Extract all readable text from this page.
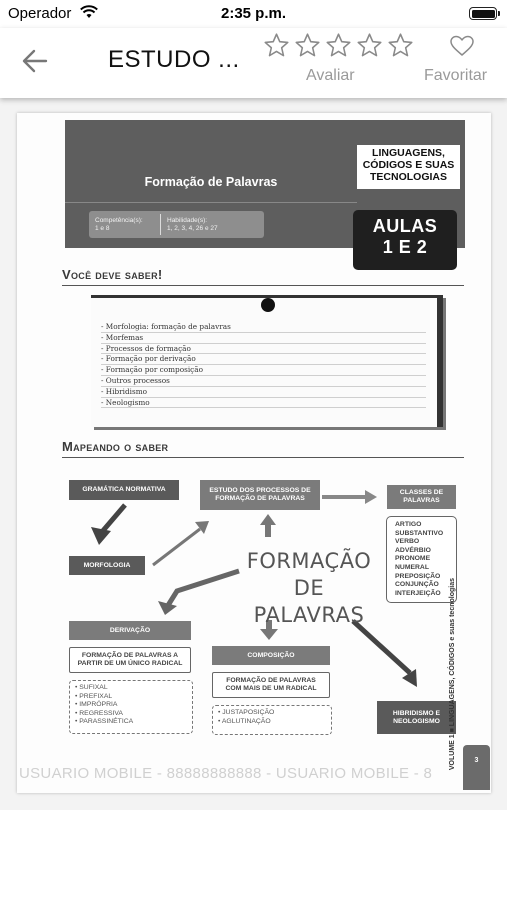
Operador	2:35 p.m.
ESTUDO ...
Avaliar	Favoritar
Formação de Palavras
Competência(s):
1 e 8
Habilidade(s):
1, 2, 3, 4, 26 e 27
LINGUAGENS,
CÓDIGOS E SUAS
TECNOLOGIAS
AULAS
1 E 2
Você deve saber!
- Morfologia: formação de palavras
- Morfemas
- Processos de formação
- Formação por derivação
- Formação por composição
- Outros processos
- Hibridismo
- Neologismo
Mapeando o saber
GRAMÁTICA NORMATIVA	ESTUDO DOS PROCESSOS DE
FORMAÇÃO DE PALAVRAS
CLASSES DE
PALAVRAS
ARTIGO
SUBSTANTIVO
VERBO
ADVÉRBIO
PRONOME
NUMERAL
PREPOSIÇÃO
CONJUNÇÃO
INTERJEIÇÃO
MORFOLOGIA	FORMAÇÃO DE
PALAVRAS
DERIVAÇÃO
FORMAÇÃO DE PALAVRAS A
PARTIR DE UM ÚNICO RADICAL
• SUFIXAL
• PREFIXAL
• IMPRÓPRIA
• REGRESSIVA
• PARASSINÉTICA
COMPOSIÇÃO
FORMAÇÃO DE PALAVRAS
COM MAIS DE UM RADICAL
• JUSTAPOSIÇÃO
• AGLUTINAÇÃO
HIBRIDISMO E
NEOLOGISMO VOLUME 1 ■ LINGUAGENS, CÓDIGOS e suas tecnologias
USUARIO MOBILE - 88888888888 - USUARIO MOBILE - 8
3
